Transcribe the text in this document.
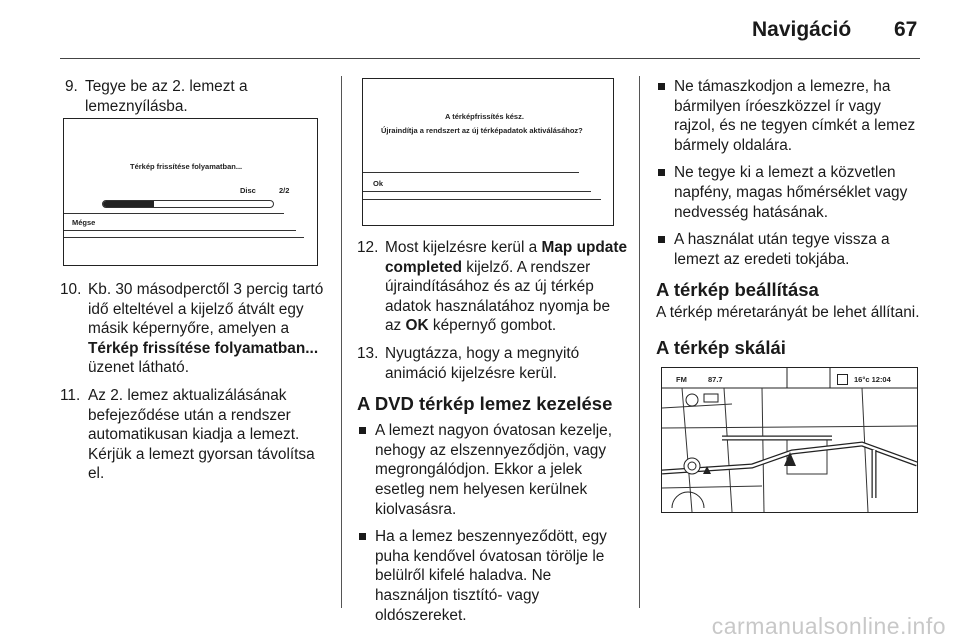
Navigáció 67
9. Tegye be az 2. lemezt a lemeznyílásba.
Térkép frissítése folyamatban...
Disc	2/2
Mégse
10. Kb. 30 másodperctől 3 percig tartó idő elteltével a kijelző átvált egy másik képernyőre, amelyen a Térkép frissítése folyamatban... üzenet látható.
11. Az 2. lemez aktualizálásának befejeződése után a rendszer automatikusan kiadja a lemezt. Kérjük a lemezt gyorsan távolítsa el.
A térképfrissítés kész.
Újraindítja a rendszert az új térképadatok aktiválásához?
Ok
12. Most kijelzésre kerül a Map update completed kijelző. A rendszer újraindításához és az új térkép adatok használatához nyomja be az OK képernyő gombot.
13. Nyugtázza, hogy a megnyitó animáció kijelzésre kerül.
A DVD térkép lemez kezelése
A lemezt nagyon óvatosan kezelje, nehogy az elszennyeződjön, vagy megrongálódjon. Ekkor a jelek esetleg nem helyesen kerülnek kiolvasásra.
Ha a lemez beszennyeződött, egy puha kendővel óvatosan törölje le belülről kifelé haladva. Ne használjon tisztító- vagy oldószereket.
Ne támaszkodjon a lemezre, ha bármilyen íróeszközzel ír vagy rajzol, és ne tegyen címkét a lemez bármely oldalára.
Ne tegye ki a lemezt a közvetlen napfény, magas hőmérséklet vagy nedvesség hatásának.
A használat után tegye vissza a lemezt az eredeti tokjába.
A térkép beállítása
A térkép méretarányát be lehet állítani.
A térkép skálái
FM	87.7	16°c 12:04
carmanualsonline.info
